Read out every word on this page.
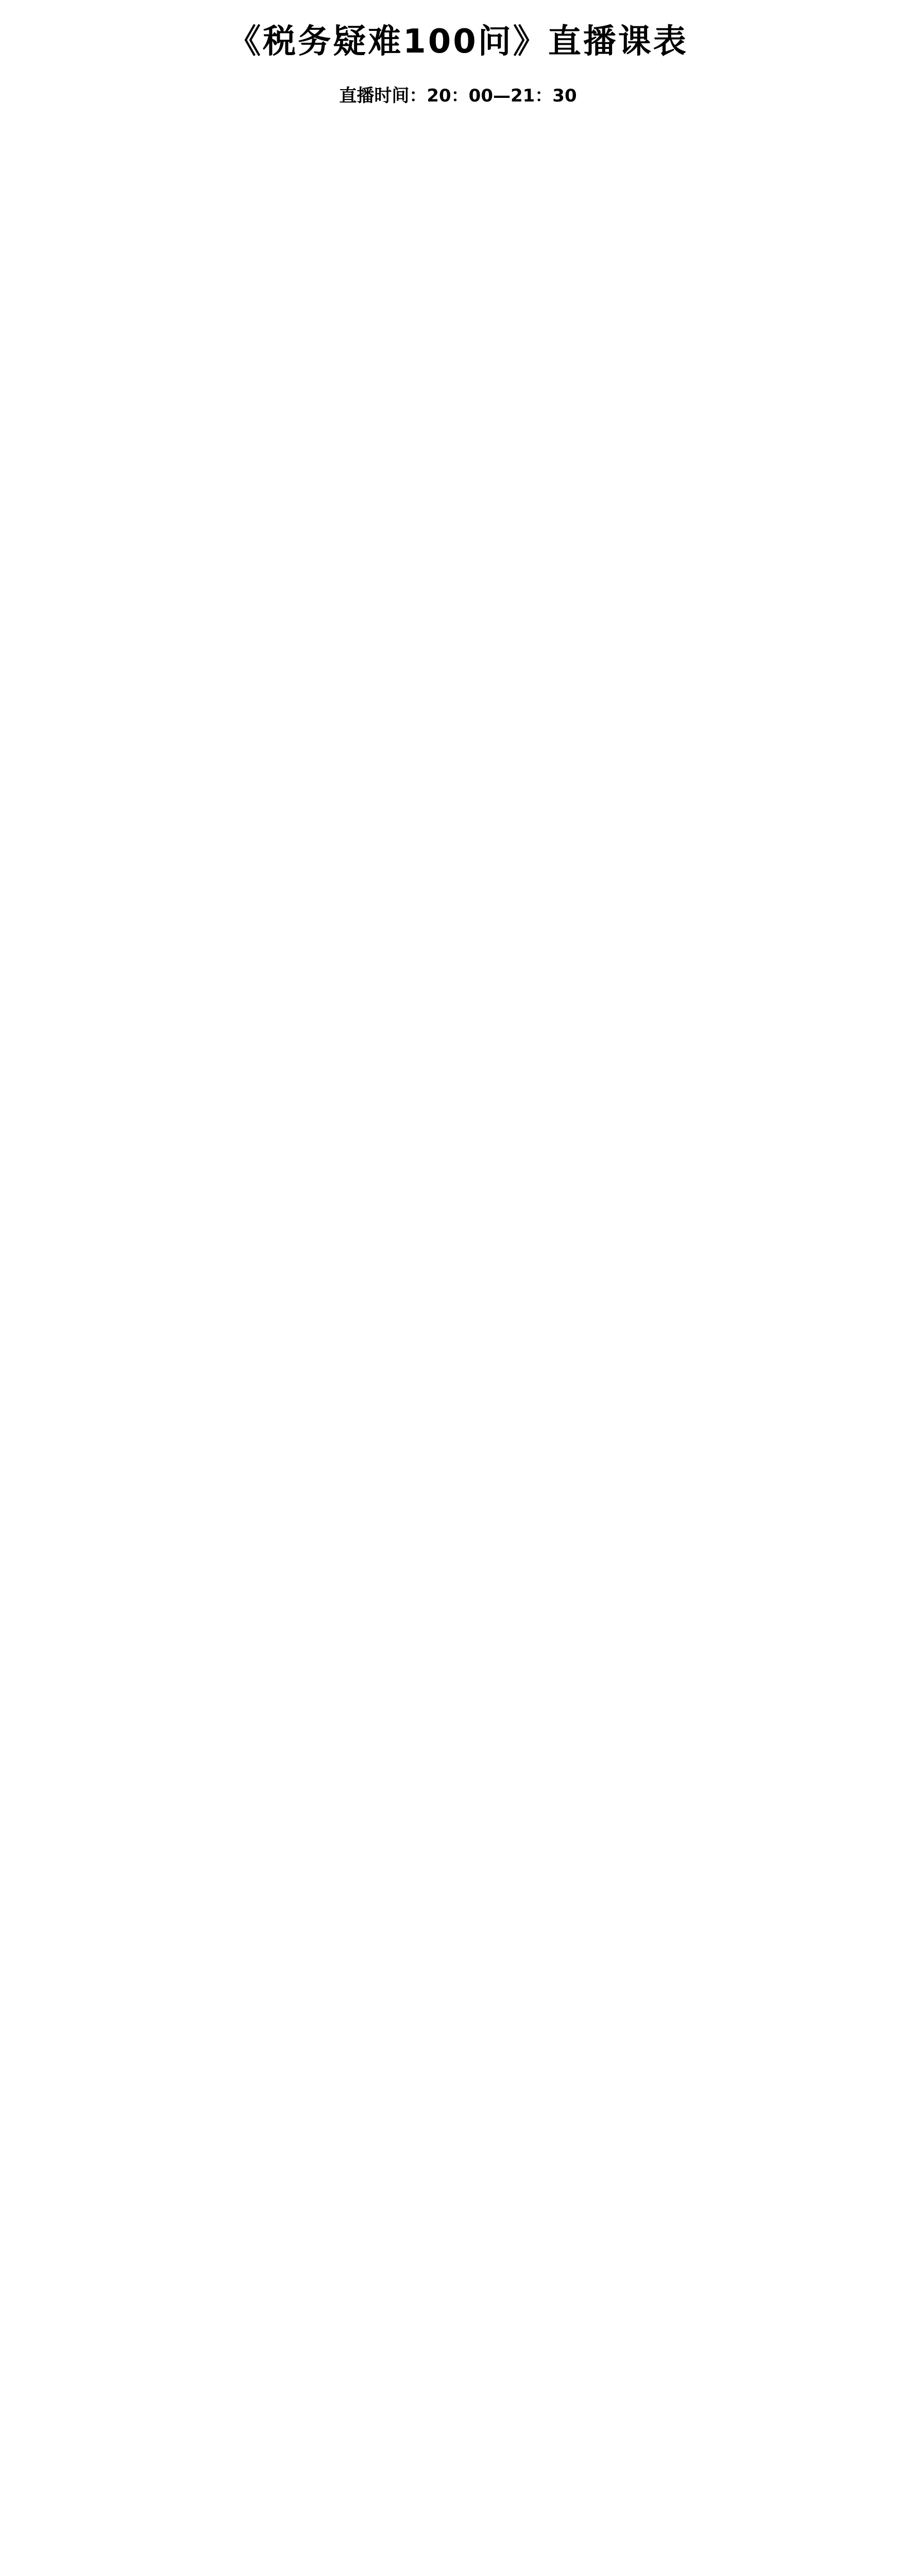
《税务疑难100问》直播课表
直播时间：20：00—21：30
